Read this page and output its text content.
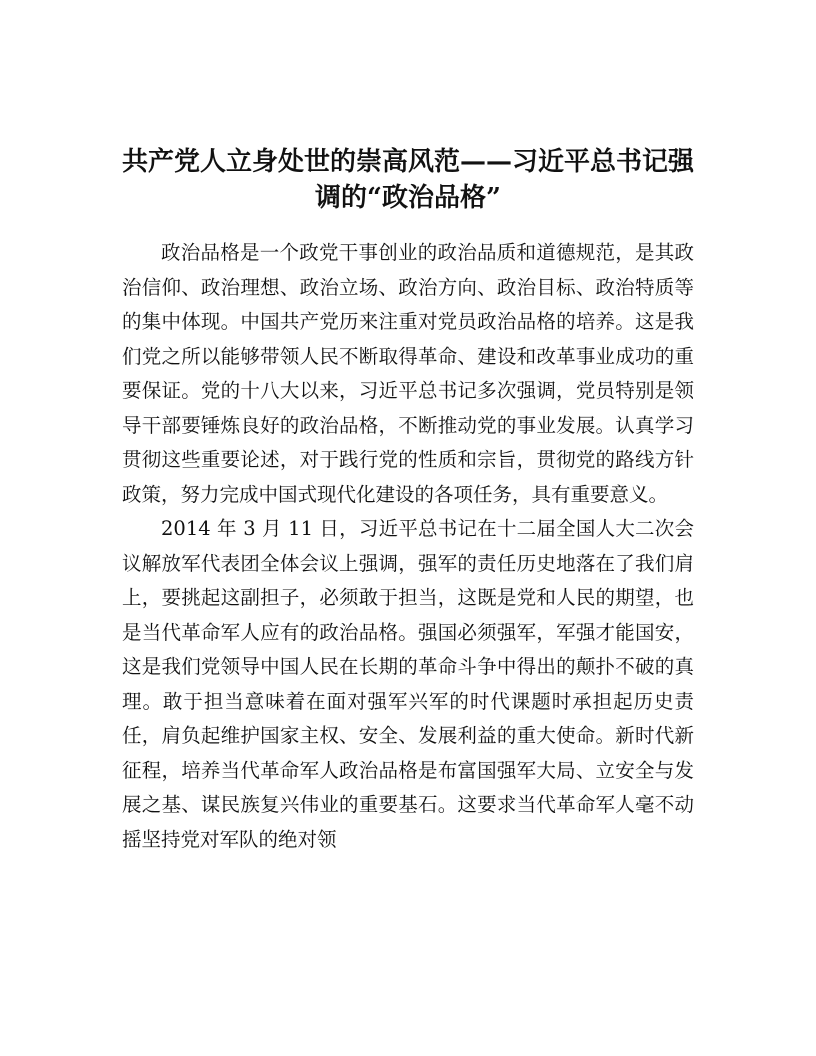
共产党人立身处世的崇高风范——习近平总书记强调的“政治品格”

政治品格是一个政党干事创业的政治品质和道德规范，是其政治信仰、政治理想、政治立场、政治方向、政治目标、政治特质等的集中体现。中国共产党历来注重对党员政治品格的培养。这是我们党之所以能够带领人民不断取得革命、建设和改革事业成功的重要保证。党的十八大以来，习近平总书记多次强调，党员特别是领导干部要锤炼良好的政治品格，不断推动党的事业发展。认真学习贯彻这些重要论述，对于践行党的性质和宗旨，贯彻党的路线方针政策，努力完成中国式现代化建设的各项任务，具有重要意义。

2014 年 3 月 11 日，习近平总书记在十二届全国人大二次会议解放军代表团全体会议上强调，强军的责任历史地落在了我们肩上，要挑起这副担子，必须敢于担当，这既是党和人民的期望，也是当代革命军人应有的政治品格。强国必须强军，军强才能国安，这是我们党领导中国人民在长期的革命斗争中得出的颠扑不破的真理。敢于担当意味着在面对强军兴军的时代课题时承担起历史责任，肩负起维护国家主权、安全、发展利益的重大使命。新时代新征程，培养当代革命军人政治品格是布富国强军大局、立安全与发展之基、谋民族复兴伟业的重要基石。这要求当代革命军人毫不动摇坚持党对军队的绝对领
